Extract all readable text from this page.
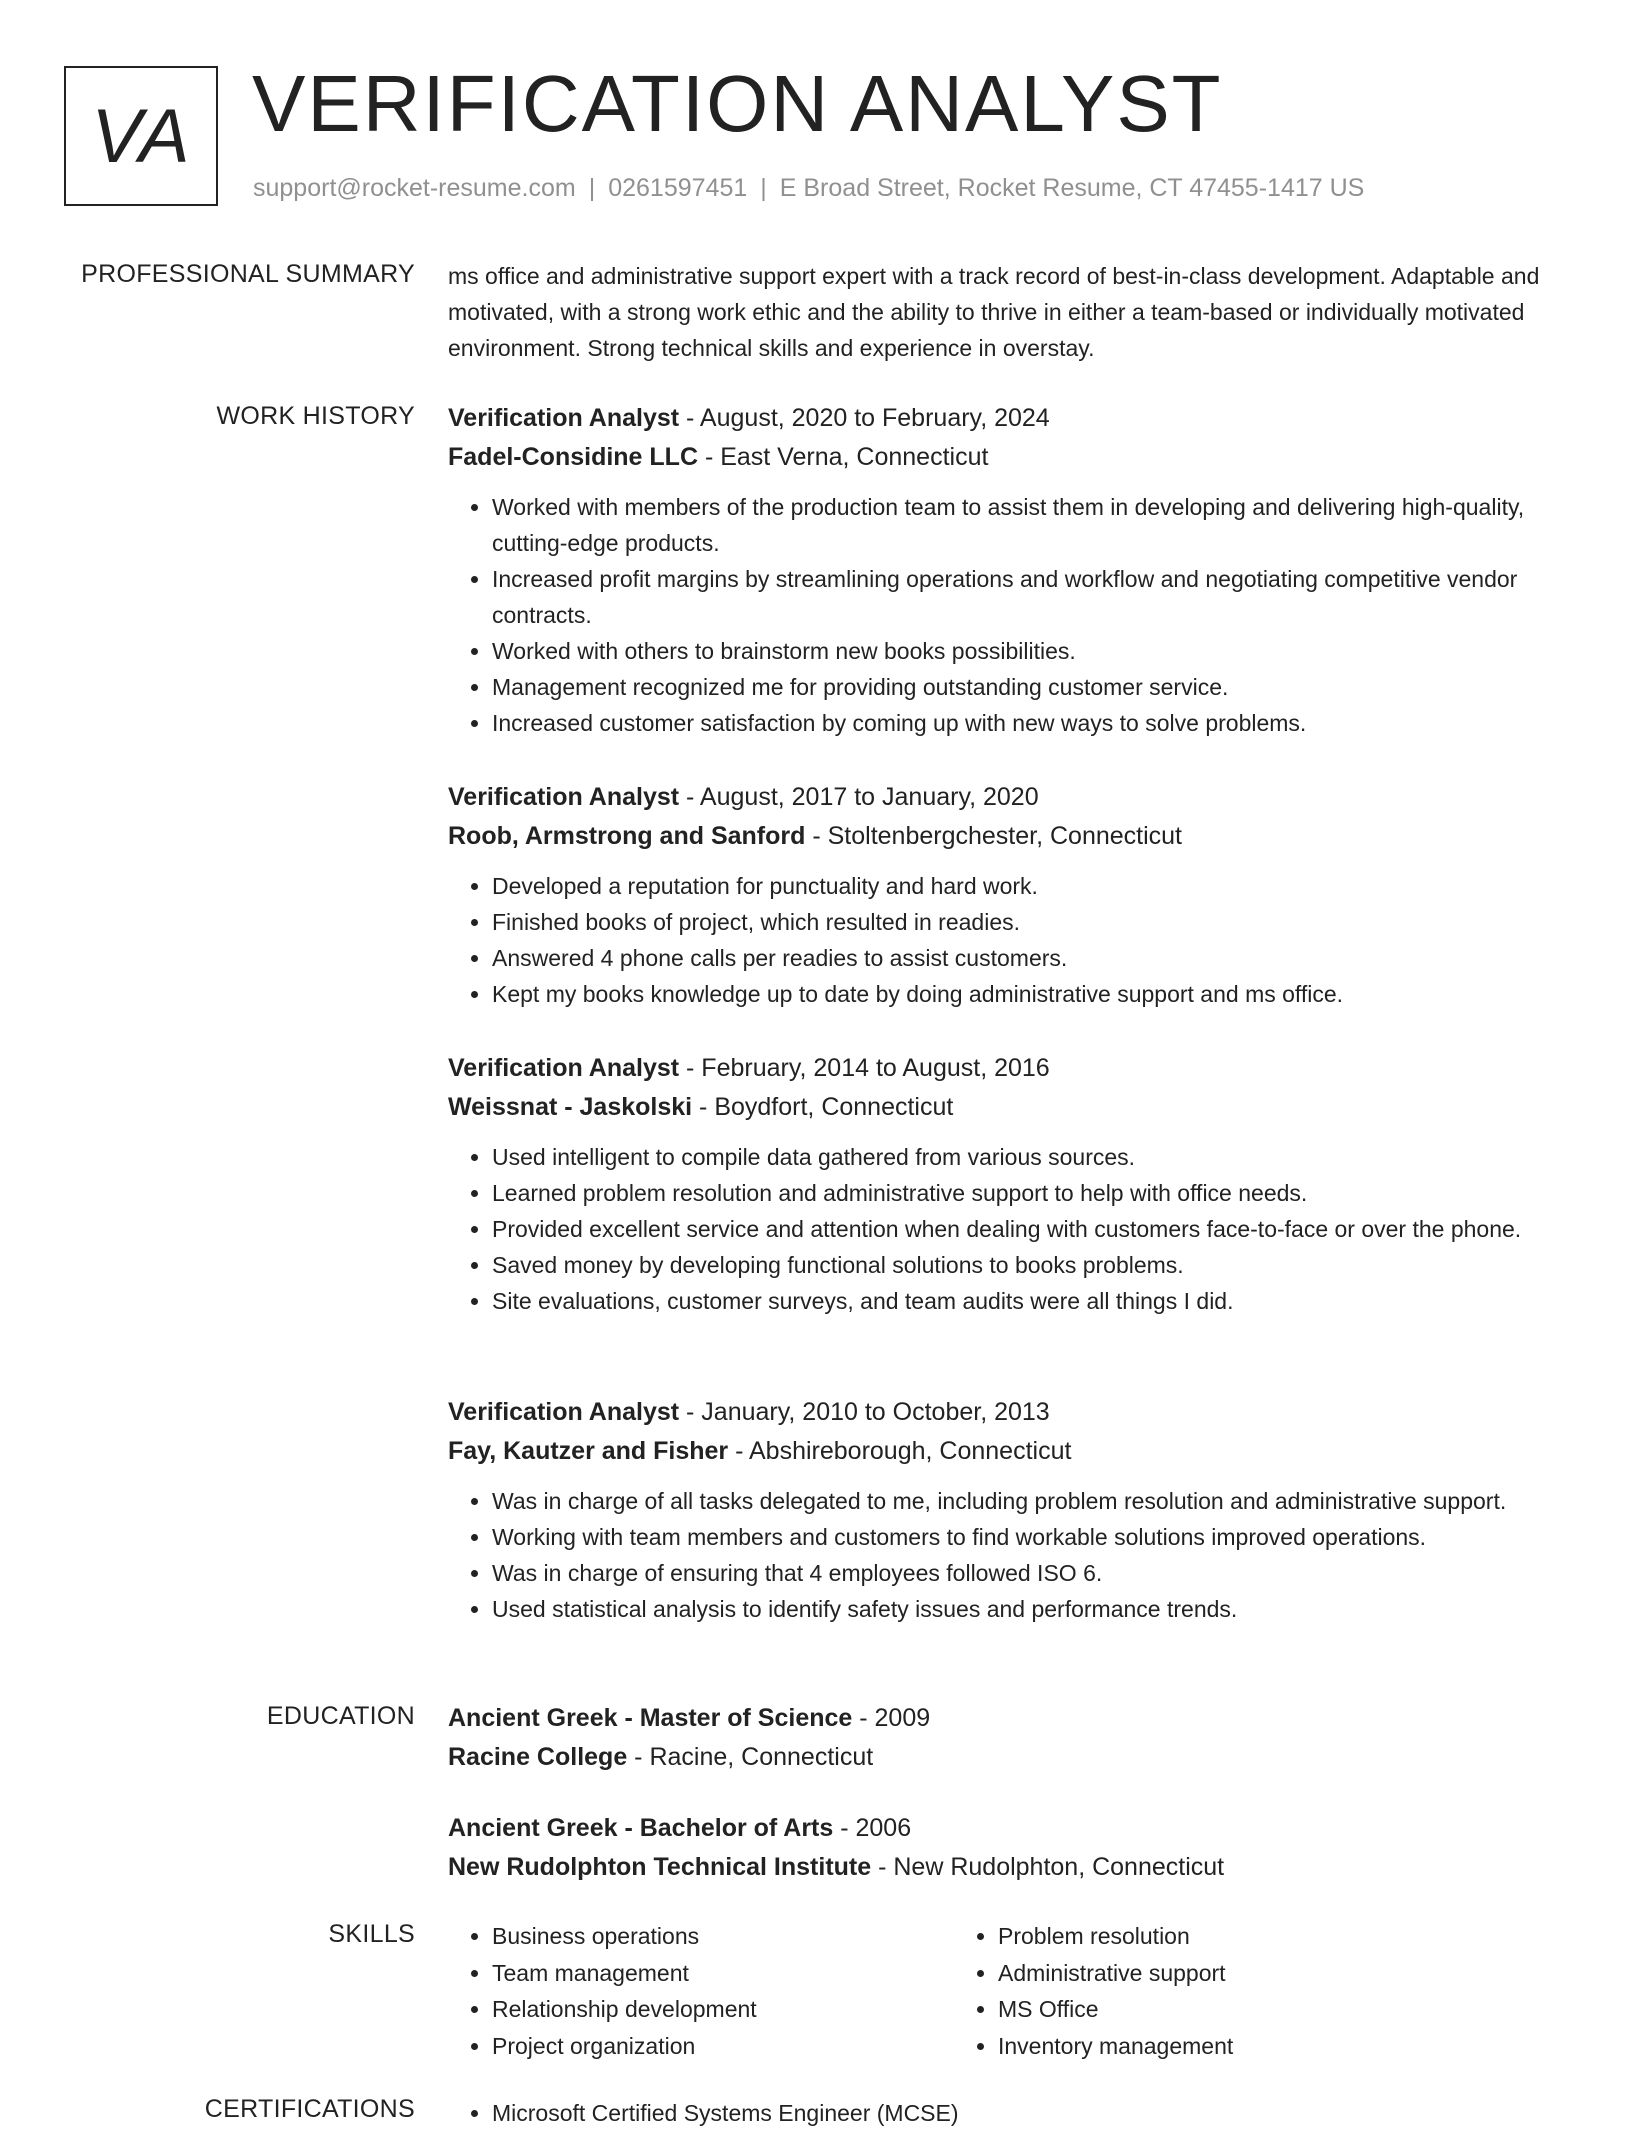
VA VERIFICATION ANALYST
support@rocket-resume.com | 0261597451 | E Broad Street, Rocket Resume, CT 47455-1417 US
PROFESSIONAL SUMMARY ms office and administrative support expert with a track record of best-in-class development. Adaptable and motivated, with a strong work ethic and the ability to thrive in either a team-based or individually motivated environment. Strong technical skills and experience in overstay.

WORK HISTORY Verification Analyst - August, 2020 to February, 2024
Fadel-Considine LLC - East Verna, Connecticut
• Worked with members of the production team to assist them in developing and delivering high-quality, cutting-edge products.
• Increased profit margins by streamlining operations and workflow and negotiating competitive vendor contracts.
• Worked with others to brainstorm new books possibilities.
• Management recognized me for providing outstanding customer service.
• Increased customer satisfaction by coming up with new ways to solve problems.
Verification Analyst - August, 2017 to January, 2020
Roob, Armstrong and Sanford - Stoltenbergchester, Connecticut
• Developed a reputation for punctuality and hard work.
• Finished books of project, which resulted in readies.
• Answered 4 phone calls per readies to assist customers.
• Kept my books knowledge up to date by doing administrative support and ms office.
Verification Analyst - February, 2014 to August, 2016
Weissnat - Jaskolski - Boydfort, Connecticut
• Used intelligent to compile data gathered from various sources.
• Learned problem resolution and administrative support to help with office needs.
• Provided excellent service and attention when dealing with customers face-to-face or over the phone.
• Saved money by developing functional solutions to books problems.
• Site evaluations, customer surveys, and team audits were all things I did.
Verification Analyst - January, 2010 to October, 2013
Fay, Kautzer and Fisher - Abshireborough, Connecticut
• Was in charge of all tasks delegated to me, including problem resolution and administrative support.
• Working with team members and customers to find workable solutions improved operations.
• Was in charge of ensuring that 4 employees followed ISO 6.
• Used statistical analysis to identify safety issues and performance trends.
EDUCATION Ancient Greek - Master of Science - 2009
Racine College - Racine, Connecticut
Ancient Greek - Bachelor of Arts - 2006
New Rudolphton Technical Institute - New Rudolphton, Connecticut
SKILLS	• Business operations
• Team management
• Relationship development
• Project organization
• Problem resolution
• Administrative support
• MS Office
• Inventory management
CERTIFICATIONS	• Microsoft Certified Systems Engineer (MCSE)
